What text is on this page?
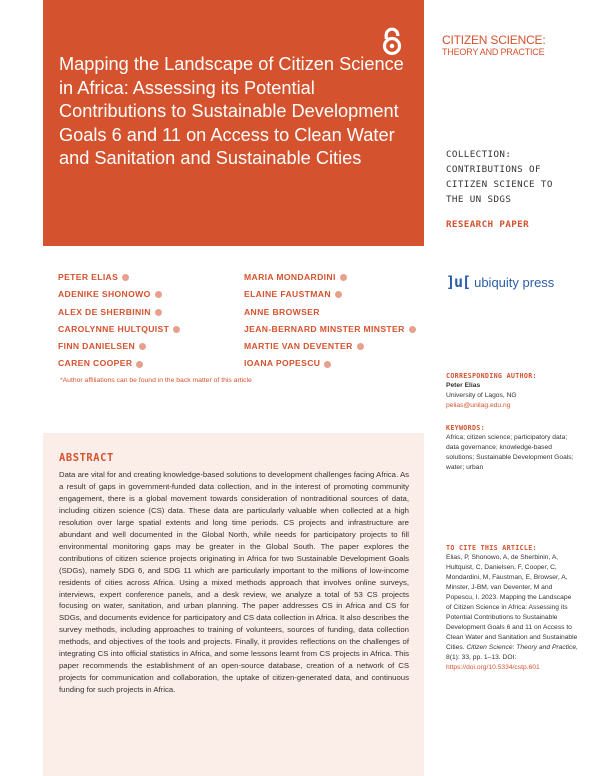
Mapping the Landscape of Citizen Science in Africa: Assessing its Potential Contributions to Sustainable Development Goals 6 and 11 on Access to Clean Water and Sanitation and Sustainable Cities
CITIZEN SCIENCE:
THEORY AND PRACTICE
COLLECTION: CONTRIBUTIONS OF CITIZEN SCIENCE TO THE UN SDGS
RESEARCH PAPER
]u[ ubiquity press
PETER ELIAS
ADENIKE SHONOWO
ALEX DE SHERBININ
CAROLYNNE HULTQUIST
FINN DANIELSEN
CAREN COOPER
MARIA MONDARDINI
ELAINE FAUSTMAN
ANNE BROWSER
JEAN-BERNARD MINSTER MINSTER
MARTIE VAN DEVENTER
IOANA POPESCU
*Author affiliations can be found in the back matter of this article
ABSTRACT

Data are vital for and creating knowledge-based solutions to development challenges facing Africa. As a result of gaps in government-funded data collection, and in the interest of promoting community engagement, there is a global movement towards consideration of nontraditional sources of data, including citizen science (CS) data. These data are particularly valuable when collected at a high resolution over large spatial extents and long time periods. CS projects and infrastructure are abundant and well documented in the Global North, while needs for participatory projects to fill environmental monitoring gaps may be greater in the Global South. The paper explores the contributions of citizen science projects originating in Africa for two Sustainable Development Goals (SDGs), namely SDG 6, and SDG 11 which are particularly important to the millions of low-income residents of cities across Africa. Using a mixed methods approach that involves online surveys, interviews, expert conference panels, and a desk review, we analyze a total of 53 CS projects focusing on water, sanitation, and urban planning. The paper addresses CS in Africa and CS for SDGs, and documents evidence for participatory and CS data collection in Africa. It also describes the survey methods, including approaches to training of volunteers, sources of funding, data collection methods, and objectives of the tools and projects. Finally, it provides reflections on the challenges of integrating CS into official statistics in Africa, and some lessons learnt from CS projects in Africa. This paper recommends the establishment of an open-source database, creation of a network of CS projects for communication and collaboration, the uptake of citizen-generated data, and continuous funding for such projects in Africa.

CORRESPONDING AUTHOR:
Peter Elias
University of Lagos, NG
pelias@unilag.edu.ng
KEYWORDS:
Africa; citizen science; participatory data; data governance; knowledge-based solutions; Sustainable Development Goals; water; urban
TO CITE THIS ARTICLE:
Elias, P, Shonowo, A, de Sherbinin, A, Hultquist, C, Danielsen, F, Cooper, C, Mondardini, M, Faustman, E, Browser, A, Minster, J-BM, van Deventer, M and Popescu, I. 2023. Mapping the Landscape of Citizen Science in Africa: Assessing its Potential Contributions to Sustainable Development Goals 6 and 11 on Access to Clean Water and Sanitation and Sustainable Cities. Citizen Science: Theory and Practice, 8(1): 33, pp. 1–13. DOI: https://doi.org/10.5334/cstp.601
